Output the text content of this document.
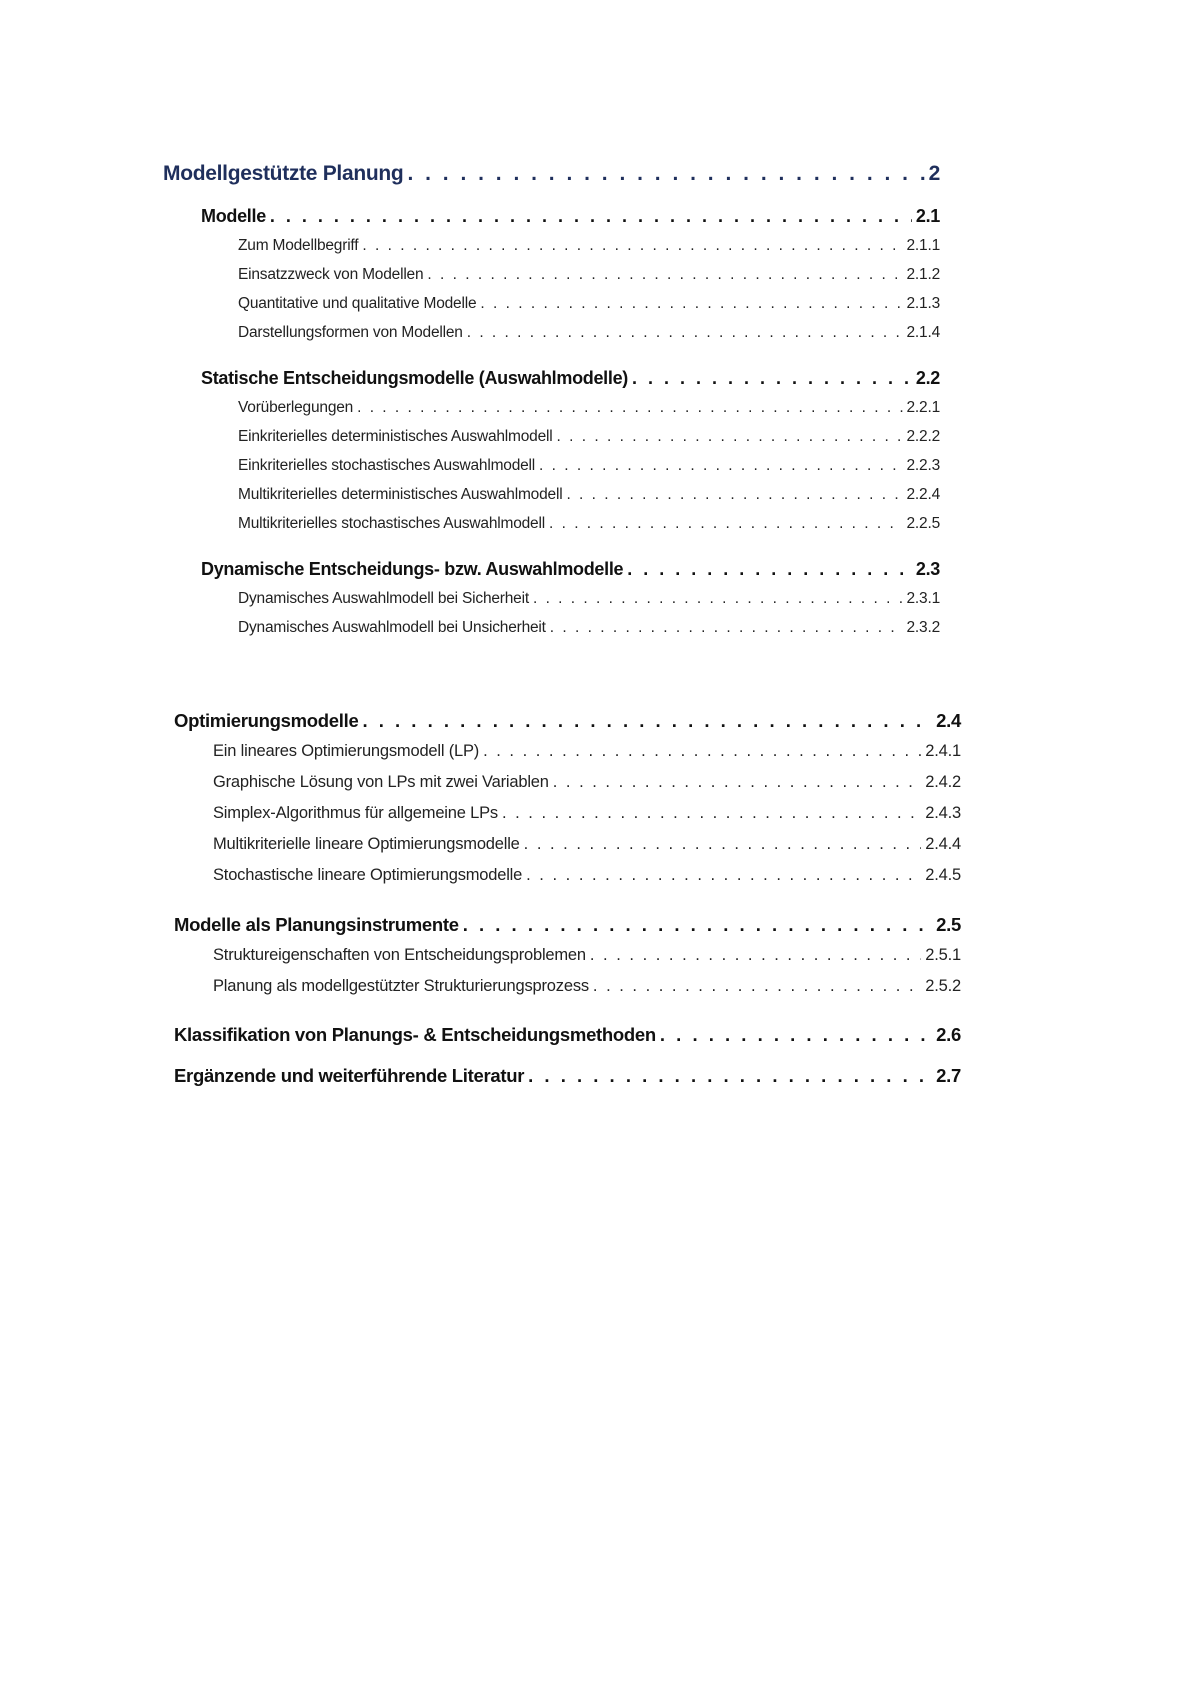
Modellgestützte Planung . . .	2
Modelle . . .	2.1
Zum Modellbegriff . . .	2.1.1
Einsatzzweck von Modellen . . .	2.1.2
Quantitative und qualitative Modelle . . .	2.1.3
Darstellungsformen von Modellen . . .	2.1.4
Statische Entscheidungsmodelle (Auswahlmodelle) . . .	2.2
Vorüberlegungen . . .	2.2.1
Einkriterielles deterministisches Auswahlmodell . . .	2.2.2
Einkriterielles stochastisches Auswahlmodell . . .	2.2.3
Multikriterielles deterministisches Auswahlmodell . . .	2.2.4
Multikriterielles stochastisches Auswahlmodell . . .	2.2.5
Dynamische Entscheidungs- bzw. Auswahlmodelle . . .	2.3
Dynamisches Auswahlmodell bei Sicherheit . . .	2.3.1
Dynamisches Auswahlmodell bei Unsicherheit . . .	2.3.2
Optimierungsmodelle . . .	2.4
Ein lineares Optimierungsmodell (LP) . . .	2.4.1
Graphische Lösung von LPs mit zwei Variablen . . .	2.4.2
Simplex-Algorithmus für allgemeine LPs . . .	2.4.3
Multikriterielle lineare Optimierungsmodelle . . .	2.4.4
Stochastische lineare Optimierungsmodelle . . .	2.4.5
Modelle als Planungsinstrumente . . .	2.5
Struktureigenschaften von Entscheidungsproblemen . . .	2.5.1
Planung als modellgestützter Strukturierungsprozess . . .	2.5.2
Klassifikation von Planungs- & Entscheidungsmethoden . . .	2.6
Ergänzende und weiterführende Literatur . . .	2.7
